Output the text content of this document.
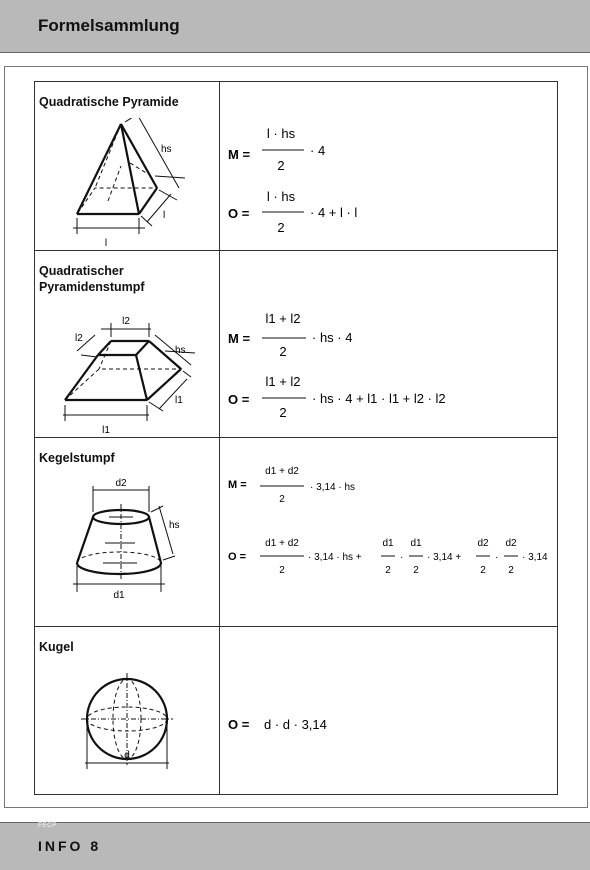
Formelsammlung
Quadratische Pyramide
l
l
hs	M =
l · hs
2
· 4
O =
l · hs
2
· 4 + l · l
Quadratischer
Pyramidenstumpf
l1
l2
l2
l1
hs
M =
l1 + l2
2
· hs · 4
O =
l1 + l2
2
· hs · 4 + l1 · l1 + l2 · l2
Kegelstumpf
d2
d1
hs
M =
d1 + d2
2
· 3,14 · hs
O =
d1 + d2
2
· 3,14 · hs +
d1
2
·
d1
2
· 3,14 +
d2
2
·
d2
2
· 3,14
Kugel
d
O = d · d · 3,14
FECP
INFO 8
